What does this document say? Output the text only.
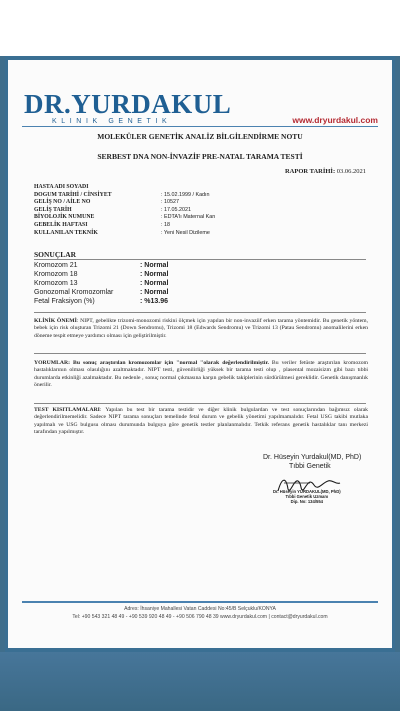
DR.YURDAKUL
KLINIK GENETIK	www.dryurdakul.com
MOLEKÜLER GENETİK ANALİZ BİLGİLENDİRME NOTU
SERBEST DNA NON-İNVAZİF PRE-NATAL TARAMA TESTİ
RAPOR TARİHİ: 03.06.2021
HASTA ADI SOYADI
DOGUM TARİHİ / CİNSİYET	: 15.02.1999 / Kadın
GELİŞ NO / AİLE NO	: 10527
GELİŞ TARİH	: 17.05.2021
BİYOLOJİK NUMUNE	: EDTA'lı Maternal Kan
GEBELİK HAFTASI	: 18
KULLANILAN TEKNİK	: Yeni Nesil Dizileme
SONUÇLAR
Kromozom 21	: Normal
Kromozom 18	: Normal
Kromozom 13	: Normal
Gonozomal Kromozomlar	: Normal
Fetal Fraksiyon (%)	: %13.96
KLİNİK ÖNEMİ: NIPT, gebelikte trizomi-monozomi riskini ölçmek için yapılan bir non-invaziif erken tarama yöntemidir. Bu genetik yöntem, bebek için risk oluşturan Trizomi 21 (Down Sendromu), Trizomi 18 (Edwards Sendromu) ve Trizomi 13 (Patau Sendromu) anomalilerini erken döneme tespit etmeye yardımcı olması için geliştirilmiştir.
YORUMLAR: Bu sonuç araştırılan kromozomlar için ''normal ''olarak değerlendirilmiştir. Bu veriler fetüste araştırılan kromozom hastalıklarının olması olasılığını azaltmaktadır. NIPT testi, güvenilirliği yüksek bir tarama testi olup , plasental mozaisizm gibi bazı tıbbi durumlarda etkinliği azalmaktadır. Bu nedenle , sonuç normal çıkmasına karşın gebelik takiplerinin sürdürülmesi gereklidir. Genetik danışmanlık önerilir.
TEST KISITLAMALARI: Yapılan bu test bir tarama testidir ve diğer klinik bulgulardan ve test sonuçlarından bağımsız olarak değerlendirilmemelidir. Sadece NIPT tarama sonuçları temelinde fetal durum ve gebelik yönetimi yapılmamalıdır. Fetal USG takibi mutlaka yapılmalı ve USG bulgusu olması durumunda bulguya göre genetik testler planlanmalıdır. Tetkik referans genetik hastalıklar tanı merkezi tarafından yapılmıştır.
Dr. Hüseyin Yurdakul(MD, PhD)
Tıbbi Genetik
Dr. Hüseyin YURDAKUL(MD, PhD)
Tıbbi Genetik Uzmanı
Dip. No: 134/554
Adres: İhsaniye Mahallesi Vatan Caddesi No:45/B Selçuklu/KONYA
Tel: +90 543 321 48 49 - +90 539 920 48 49 - +90 506 790 48 39 www.dryurdakul.com | contact@dryurdakul.com
